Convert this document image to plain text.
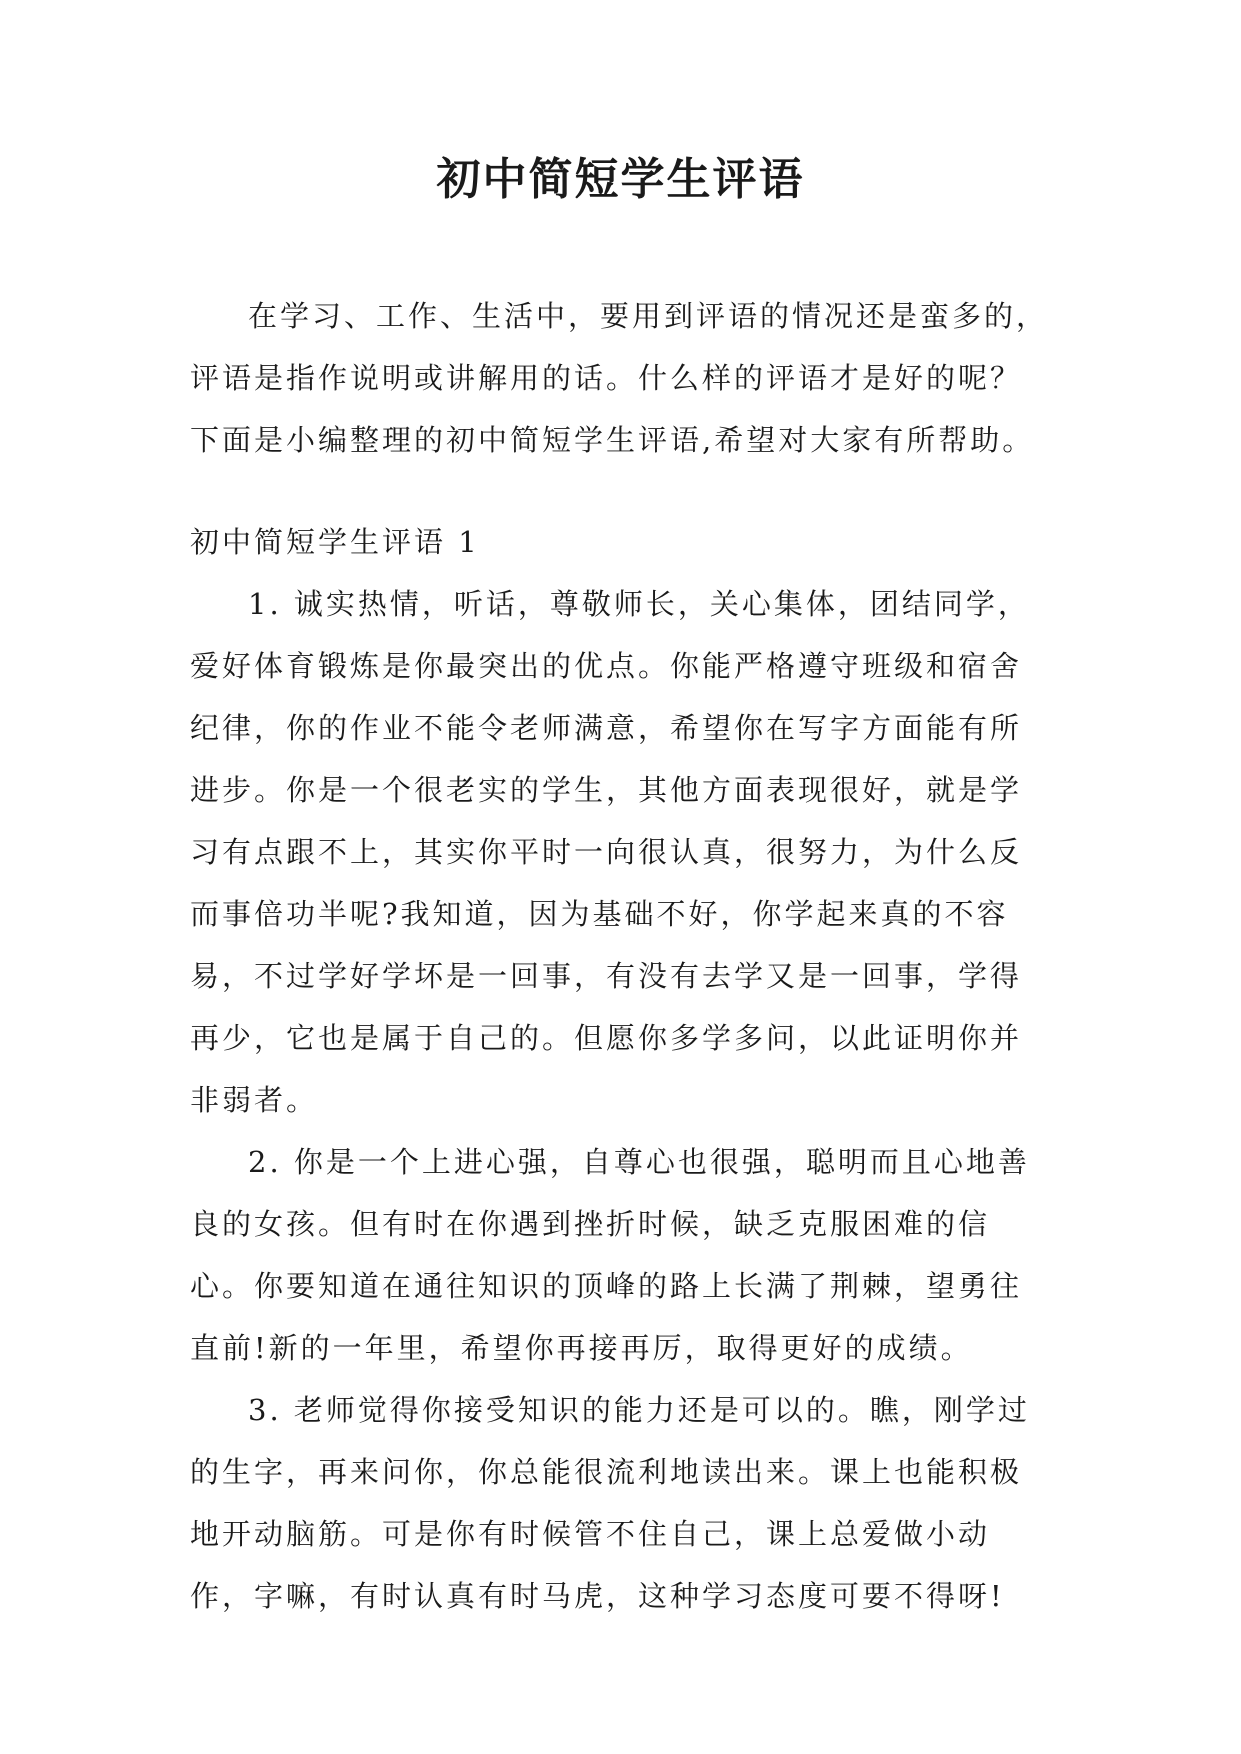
初中简短学生评语

在学习、工作、生活中，要用到评语的情况还是蛮多的，评语是指作说明或讲解用的话。什么样的评语才是好的呢？下面是小编整理的初中简短学生评语,希望对大家有所帮助。

初中简短学生评语 1

1. 诚实热情，听话，尊敬师长，关心集体，团结同学，爱好体育锻炼是你最突出的优点。你能严格遵守班级和宿舍纪律，你的作业不能令老师满意，希望你在写字方面能有所进步。你是一个很老实的学生，其他方面表现很好，就是学习有点跟不上，其实你平时一向很认真，很努力，为什么反而事倍功半呢?我知道，因为基础不好，你学起来真的不容易，不过学好学坏是一回事，有没有去学又是一回事，学得再少，它也是属于自己的。但愿你多学多问，以此证明你并非弱者。

2. 你是一个上进心强，自尊心也很强，聪明而且心地善良的女孩。但有时在你遇到挫折时候，缺乏克服困难的信心。你要知道在通往知识的顶峰的路上长满了荆棘，望勇往直前!新的一年里，希望你再接再厉，取得更好的成绩。

3. 老师觉得你接受知识的能力还是可以的。瞧，刚学过的生字，再来问你，你总能很流利地读出来。课上也能积极地开动脑筋。可是你有时候管不住自己，课上总爱做小动作，字嘛，有时认真有时马虎，这种学习态度可要不得呀!
